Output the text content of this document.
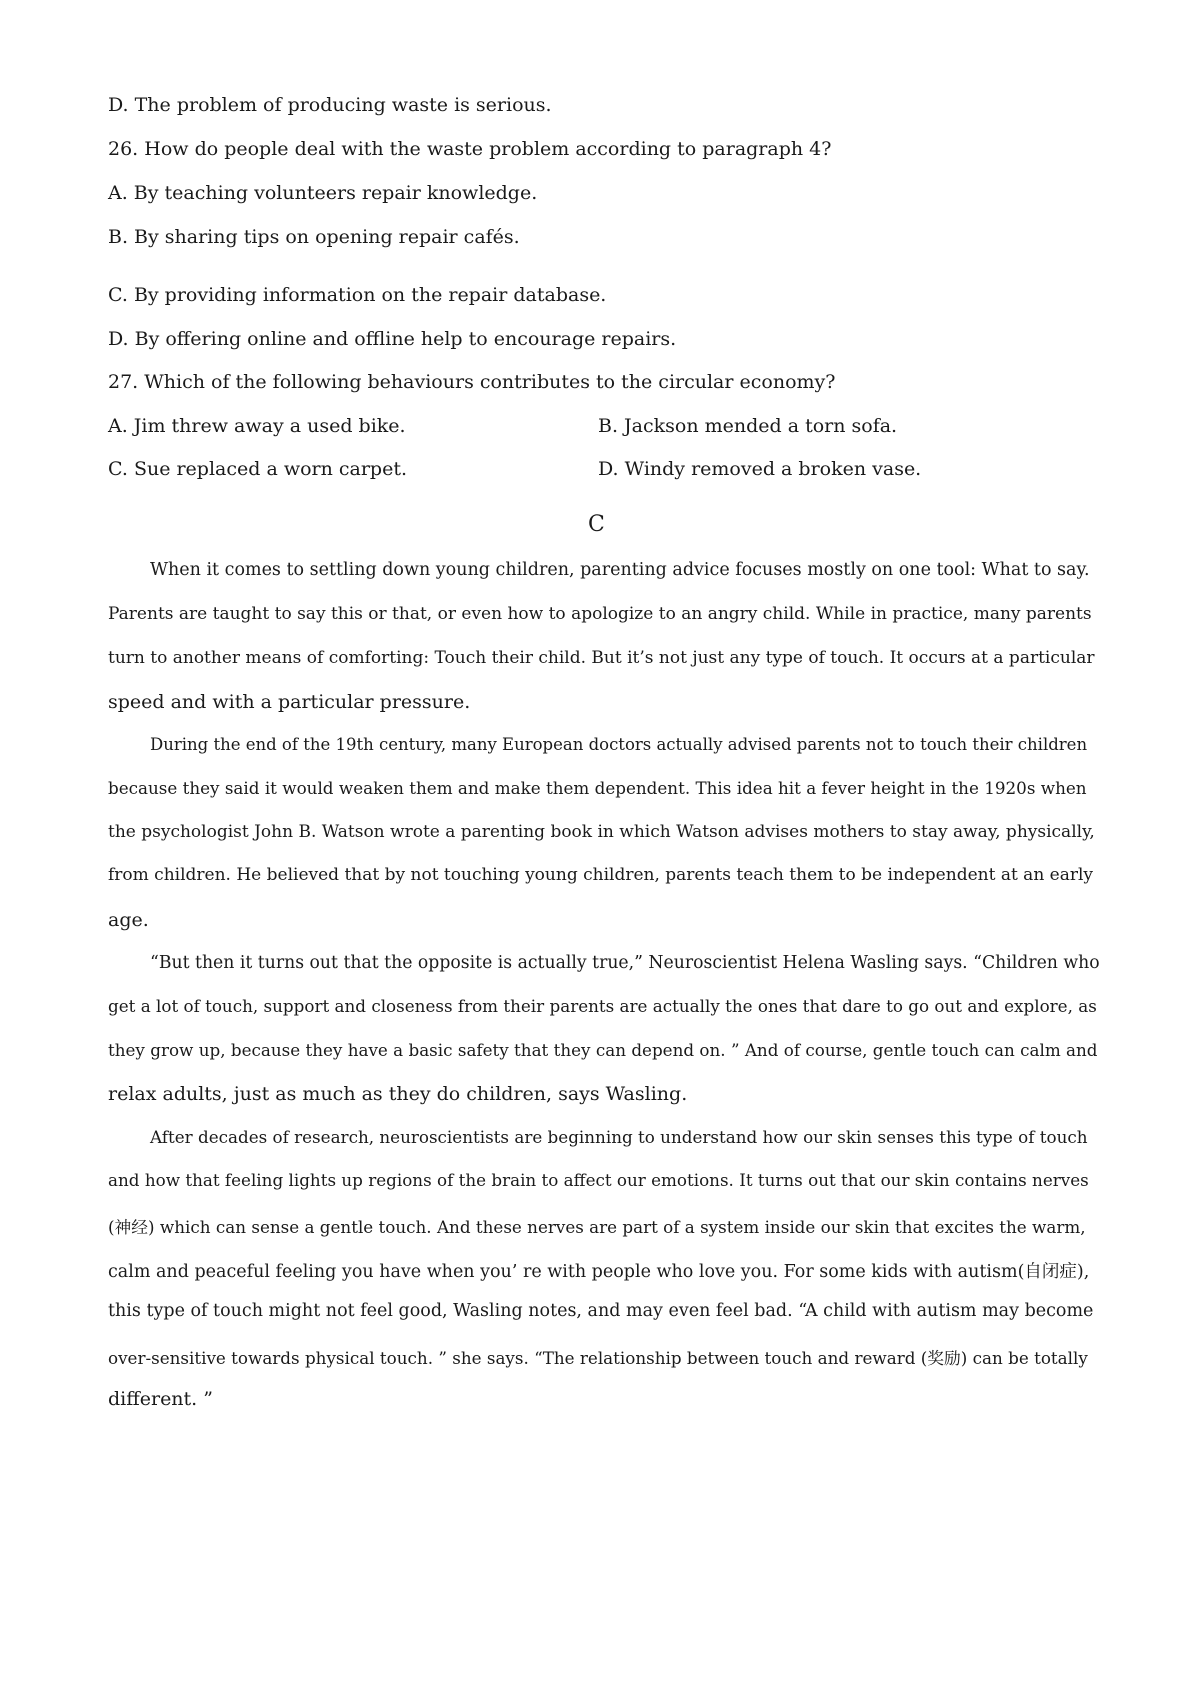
D. The problem of producing waste is serious.
26. How do people deal with the waste problem according to paragraph 4?
A. By teaching volunteers repair knowledge.
B. By sharing tips on opening repair cafés.
C. By providing information on the repair database.
D. By offering online and offline help to encourage repairs.
27. Which of the following behaviours contributes to the circular economy?
A. Jim threw away a used bike.	B. Jackson mended a torn sofa.
C. Sue replaced a worn carpet.	D. Windy removed a broken vase.
C
When it comes to settling down young children, parenting advice focuses mostly on one tool: What to say.
Parents are taught to say this or that, or even how to apologize to an angry child. While in practice, many parents
turn to another means of comforting: Touch their child. But it’s not just any type of touch. It occurs at a particular
speed and with a particular pressure.
During the end of the 19th century, many European doctors actually advised parents not to touch their children
because they said it would weaken them and make them dependent. This idea hit a fever height in the 1920s when
the psychologist John B. Watson wrote a parenting book in which Watson advises mothers to stay away, physically,
from children. He believed that by not touching young children, parents teach them to be independent at an early
age.
“But then it turns out that the opposite is actually true,” Neuroscientist Helena Wasling says. “Children who
get a lot of touch, support and closeness from their parents are actually the ones that dare to go out and explore, as
they grow up, because they have a basic safety that they can depend on. ” And of course, gentle touch can calm and
relax adults, just as much as they do children, says Wasling.
After decades of research, neuroscientists are beginning to understand how our skin senses this type of touch
and how that feeling lights up regions of the brain to affect our emotions. It turns out that our skin contains nerves
(神经) which can sense a gentle touch. And these nerves are part of a system inside our skin that excites the warm,
calm and peaceful feeling you have when you’ re with people who love you. For some kids with autism(自闭症),
this type of touch might not feel good, Wasling notes, and may even feel bad. “A child with autism may become
over-sensitive towards physical touch. ” she says. “The relationship between touch and reward (奖励) can be totally
different. ”
